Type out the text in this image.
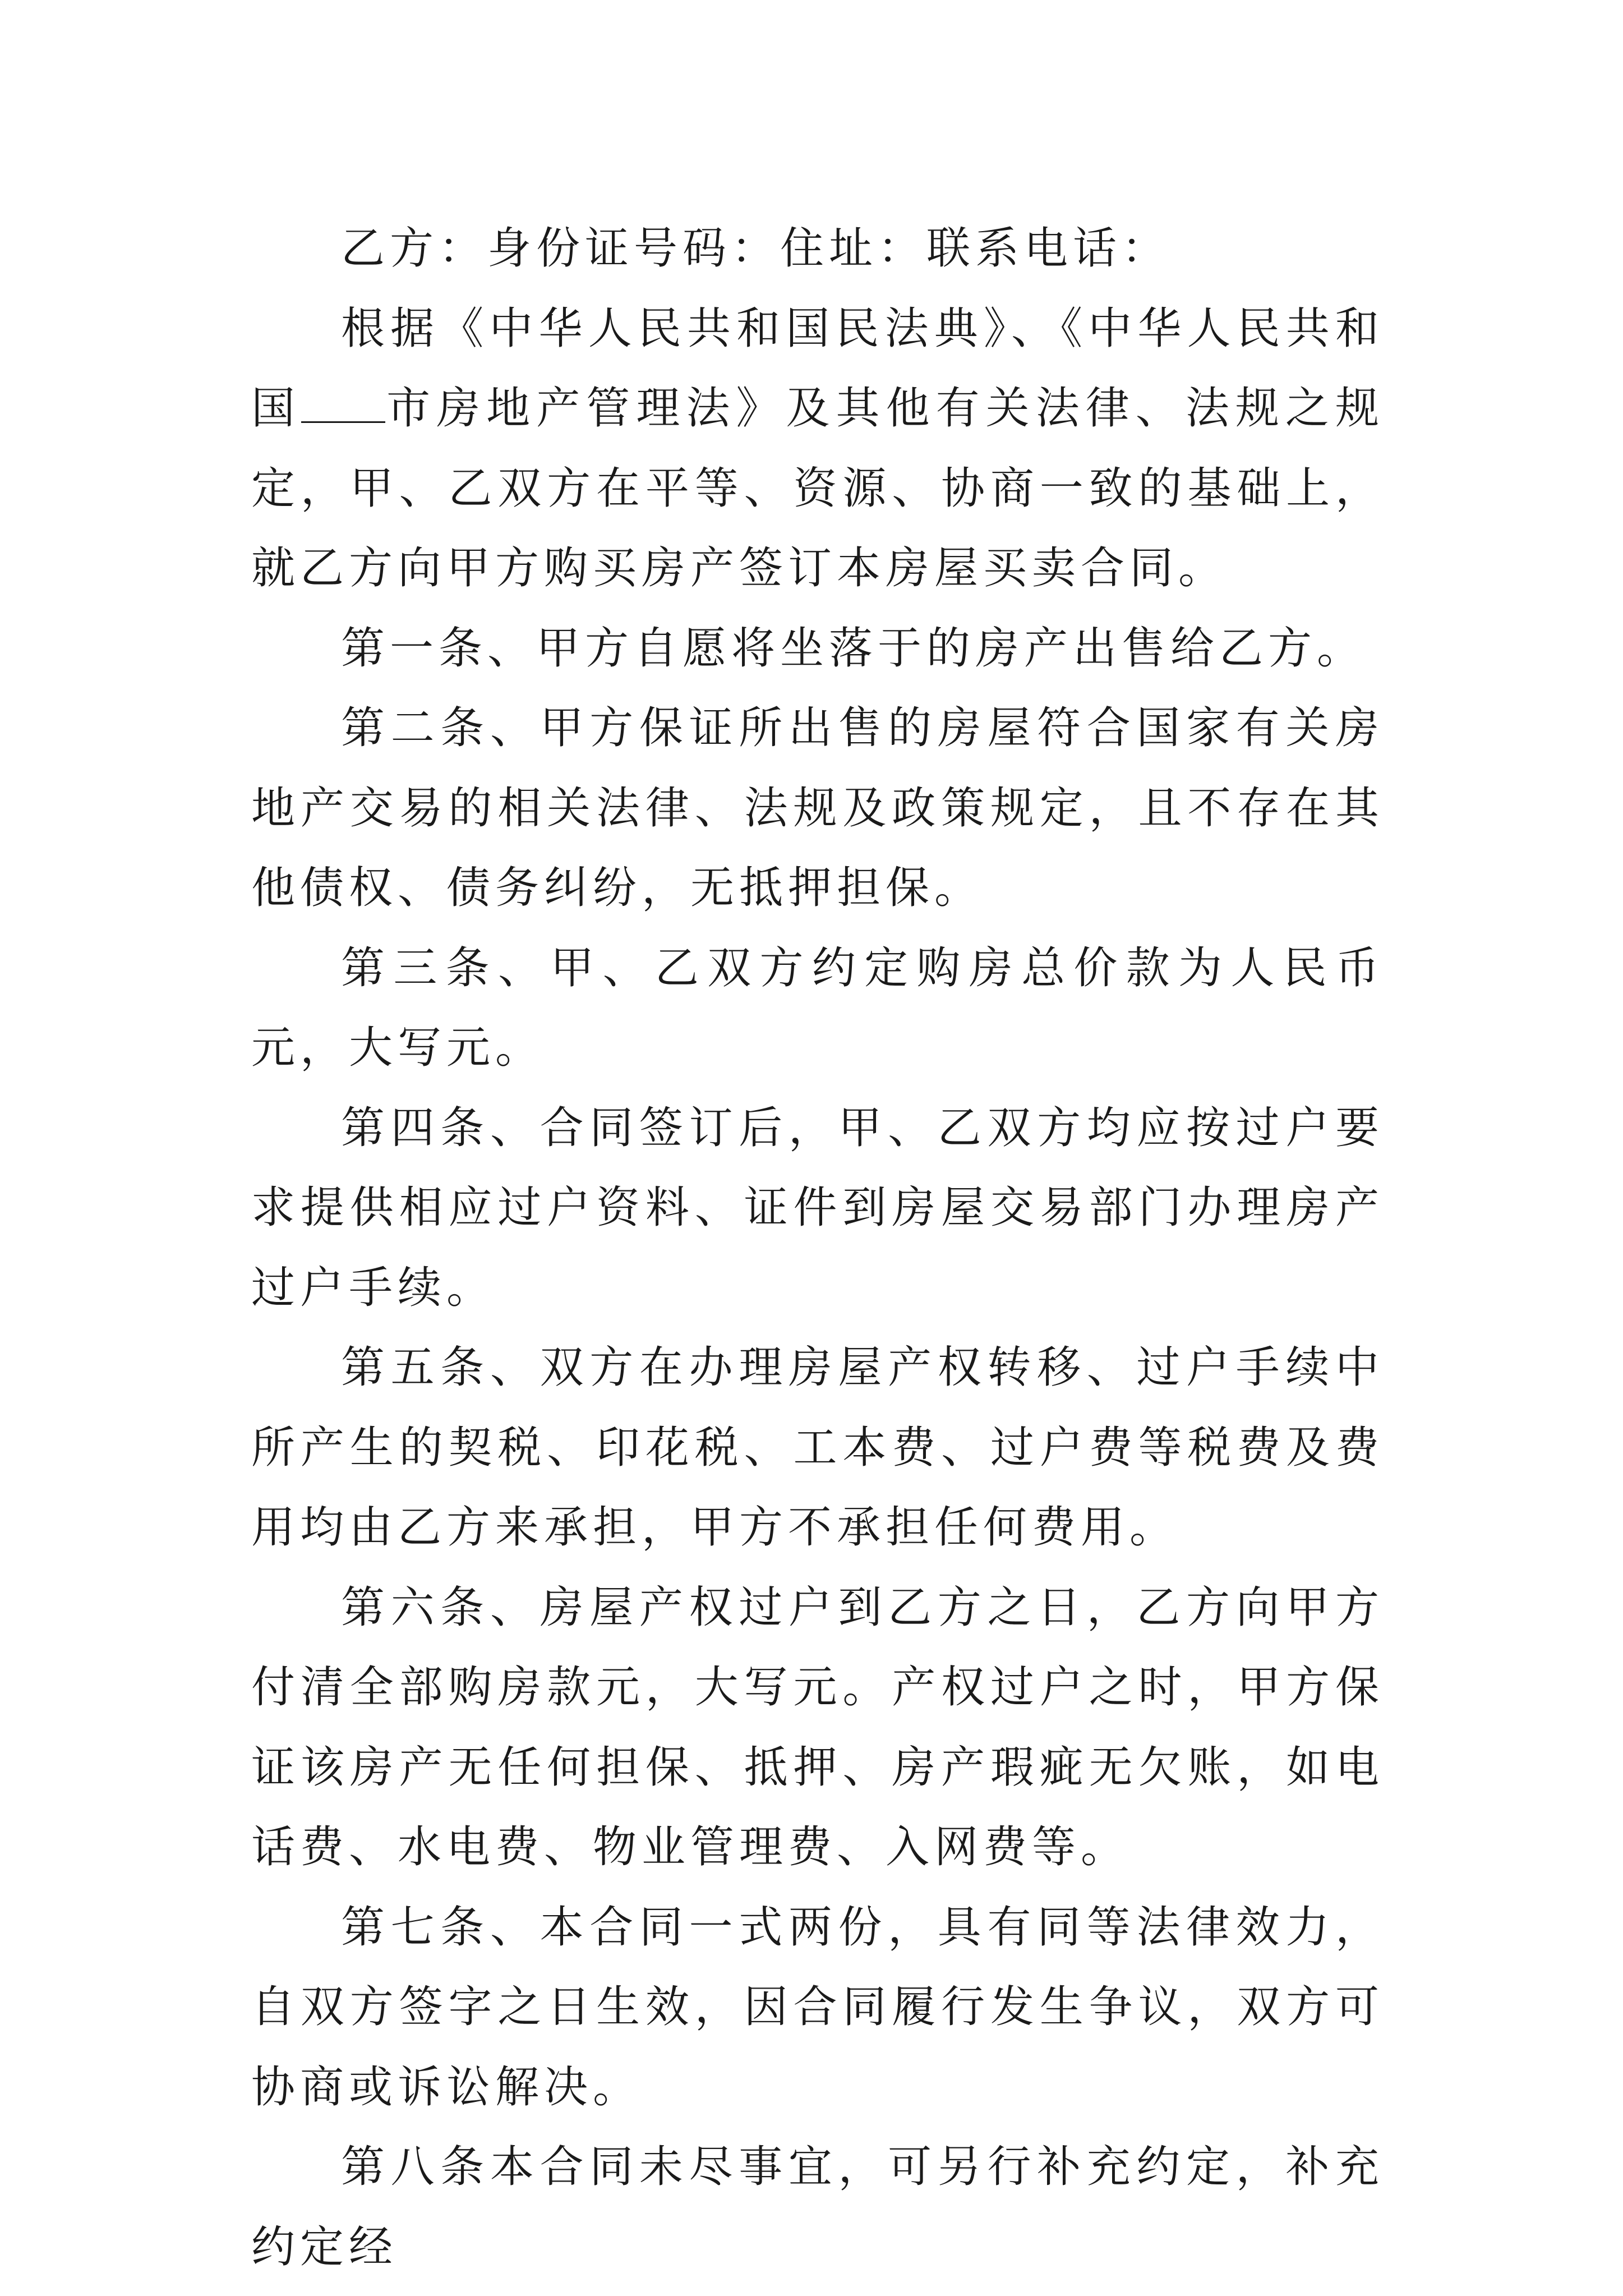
乙方：身份证号码：住址：联系电话：

根据《中华人民共和国民法典》、《中华人民共和国 市房地产管理法》及其他有关法律、法规之规定，甲、乙双方在平等、资源、协商一致的基础上，就乙方向甲方购买房产签订本房屋买卖合同。

第一条、甲方自愿将坐落于的房产出售给乙方。

第二条、甲方保证所出售的房屋符合国家有关房地产交易的相关法律、法规及政策规定，且不存在其他债权、债务纠纷，无抵押担保。

第三条、甲、乙双方约定购房总价款为人民币元，大写元。

第四条、合同签订后，甲、乙双方均应按过户要求提供相应过户资料、证件到房屋交易部门办理房产过户手续。

第五条、双方在办理房屋产权转移、过户手续中所产生的契税、印花税、工本费、过户费等税费及费用均由乙方来承担，甲方不承担任何费用。

第六条、房屋产权过户到乙方之日，乙方向甲方付清全部购房款元，大写元。产权过户之时，甲方保证该房产无任何担保、抵押、房产瑕疵无欠账，如电话费、水电费、物业管理费、入网费等。

第七条、本合同一式两份，具有同等法律效力，自双方签字之日生效，因合同履行发生争议，双方可协商或诉讼解决。

第八条本合同未尽事宜，可另行补充约定，补充约定经
